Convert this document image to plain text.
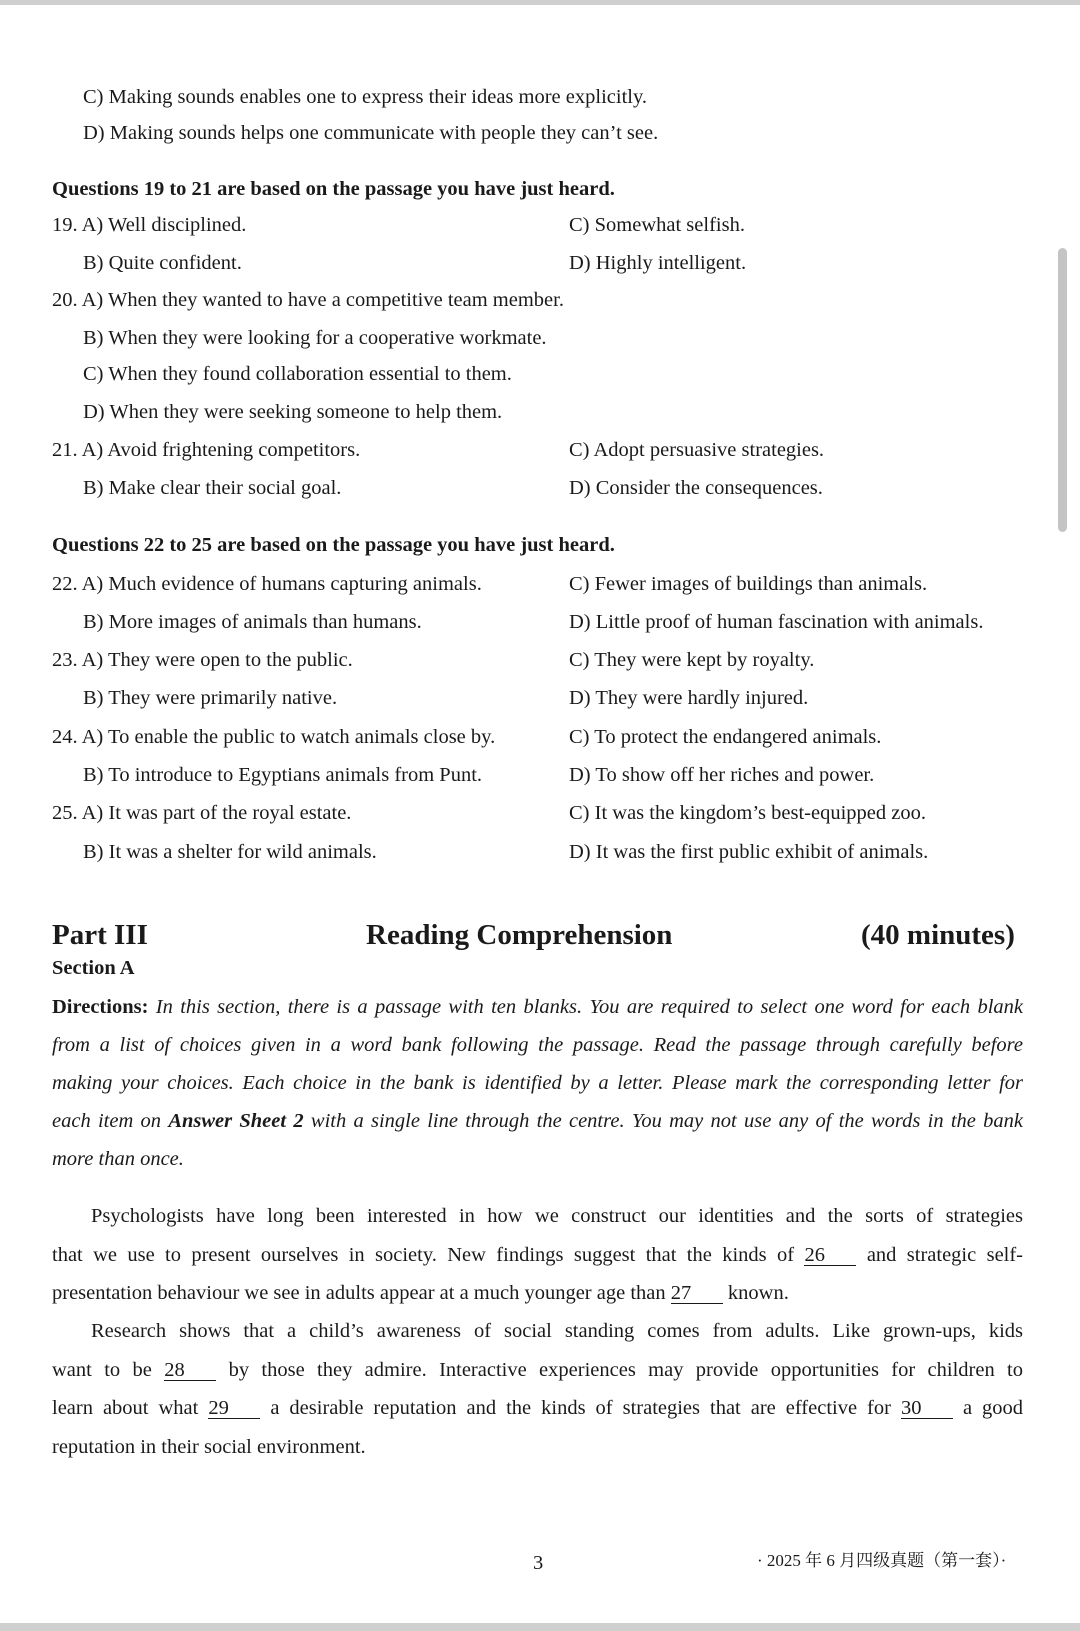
C) Making sounds enables one to express their ideas more explicitly.
D) Making sounds helps one communicate with people they can’t see.
Questions 19 to 21 are based on the passage you have just heard.
19. A) Well disciplined.	C) Somewhat selfish.
B) Quite confident.	D) Highly intelligent.
20. A) When they wanted to have a competitive team member.
B) When they were looking for a cooperative workmate.
C) When they found collaboration essential to them.
D) When they were seeking someone to help them.
21. A) Avoid frightening competitors.	C) Adopt persuasive strategies.
B) Make clear their social goal.	D) Consider the consequences.
Questions 22 to 25 are based on the passage you have just heard.
22. A) Much evidence of humans capturing animals.	C) Fewer images of buildings than animals.
B) More images of animals than humans.	D) Little proof of human fascination with animals.
23. A) They were open to the public.	C) They were kept by royalty.
B) They were primarily native.	D) They were hardly injured.
24. A) To enable the public to watch animals close by.	C) To protect the endangered animals.
B) To introduce to Egyptians animals from Punt.	D) To show off her riches and power.
25. A) It was part of the royal estate.	C) It was the kingdom’s best-equipped zoo.
B) It was a shelter for wild animals.	D) It was the first public exhibit of animals.
Part III	Reading Comprehension	(40 minutes)
Section A
Directions: In this section, there is a passage with ten blanks. You are required to select one word for each blank
from a list of choices given in a word bank following the passage. Read the passage through carefully before
making your choices. Each choice in the bank is identified by a letter. Please mark the corresponding letter for
each item on Answer Sheet 2 with a single line through the centre. You may not use any of the words in the bank
more than once.
Psychologists have long been interested in how we construct our identities and the sorts of strategies
that we use to present ourselves in society. New findings suggest that the kinds of 26 and strategic self-
presentation behaviour we see in adults appear at a much younger age than 27 known.
Research shows that a child’s awareness of social standing comes from adults. Like grown-ups, kids
want to be 28 by those they admire. Interactive experiences may provide opportunities for children to
learn about what 29 a desirable reputation and the kinds of strategies that are effective for 30 a good
reputation in their social environment.
3	· 2025 年 6 月四级真题（第一套）·
